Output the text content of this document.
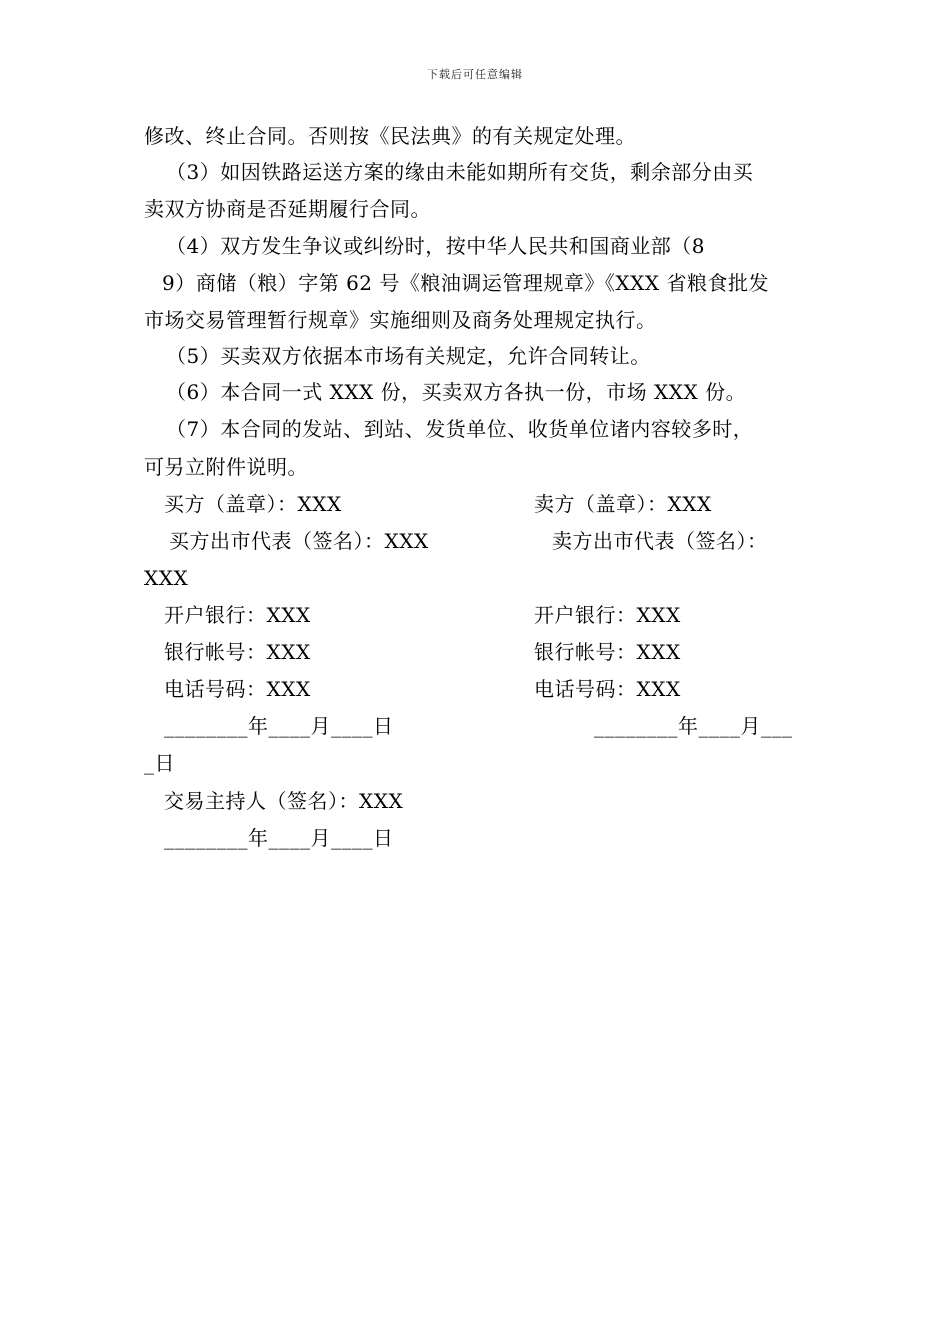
下载后可任意编辑
修改、终止合同。否则按《民法典》的有关规定处理。
（3）如因铁路运送方案的缘由未能如期所有交货，剩余部分由买
卖双方协商是否延期履行合同。
（4）双方发生争议或纠纷时，按中华人民共和国商业部（8
9）商储（粮）字第 62 号《粮油调运管理规章》《XXX 省粮食批发
市场交易管理暂行规章》实施细则及商务处理规定执行。
（5）买卖双方依据本市场有关规定，允许合同转让。
（6）本合同一式 XXX 份，买卖双方各执一份，市场 XXX 份。
（7）本合同的发站、到站、发货单位、收货单位诸内容较多时，
可另立附件说明。
买方（盖章）：XXX	卖方（盖章）：XXX
买方出市代表（签名）：XXX	卖方出市代表（签名）：
XXX
开户银行：XXX	开户银行：XXX
银行帐号：XXX	银行帐号：XXX
电话号码：XXX	电话号码：XXX
________年____月____日	________年____月___
_日
交易主持人（签名）：XXX
________年____月____日
